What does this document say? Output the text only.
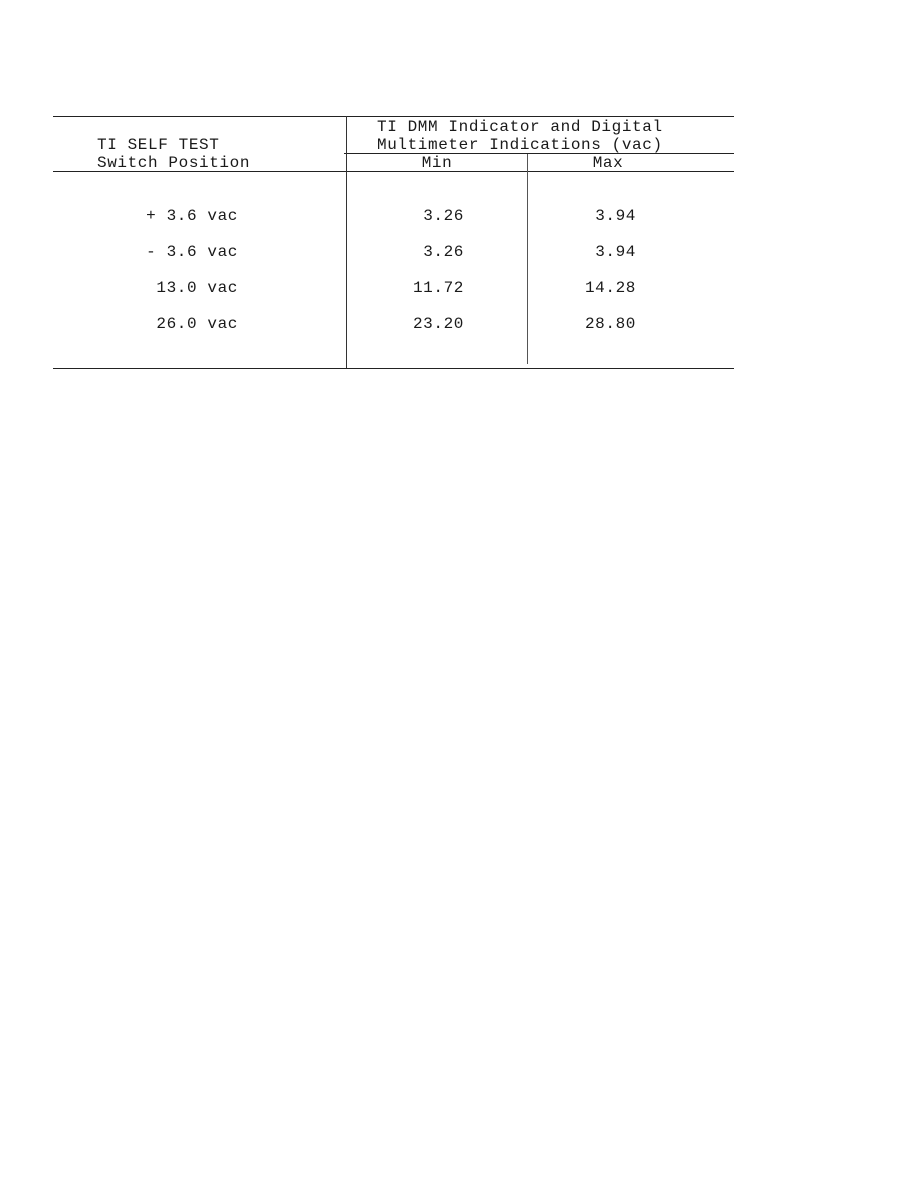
TI SELF TEST
Switch Position
TI DMM Indicator and Digital
Multimeter Indications (vac)
Min	Max
+ 3.6 vac	3.26	3.94
- 3.6 vac	3.26	3.94
13.0 vac	11.72	14.28
26.0 vac	23.20	28.80
